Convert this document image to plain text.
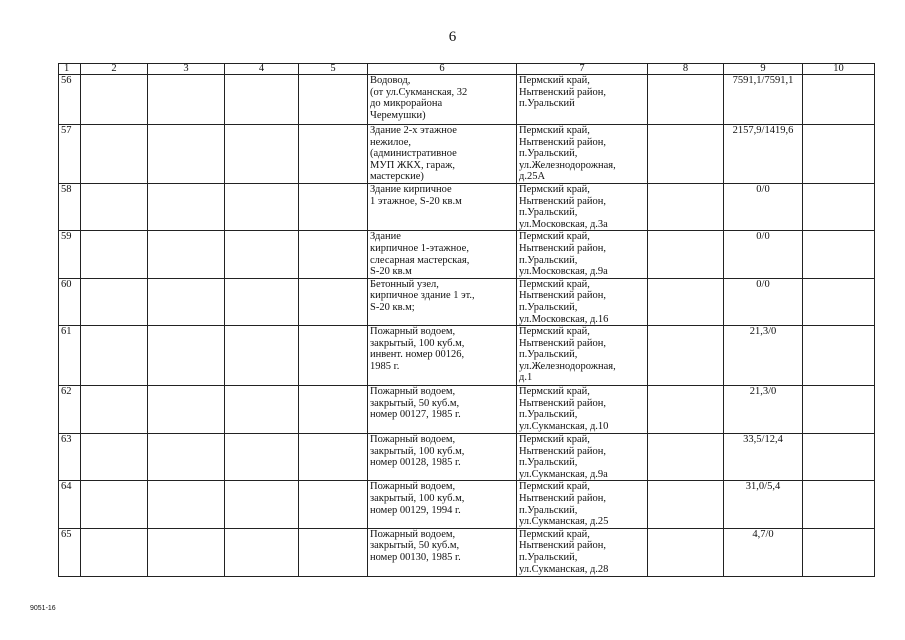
6
1	2	3	4	5	6	7	8	9	10
56					Водовод,
(от ул.Сукманская, 32
до микрорайона
Черемушки)	Пермский край,
Нытвенский район,
п.Уральский		7591,1/7591,1	
57					Здание 2-х этажное
нежилое,
(административное
МУП ЖКХ, гараж,
мастерские)	Пермский край,
Нытвенский район,
п.Уральский,
ул.Железнодорожная,
д.25А		2157,9/1419,6	
58					Здание кирпичное
1 этажное, S-20 кв.м	Пермский край,
Нытвенский район,
п.Уральский,
ул.Московская, д.3а		0/0	
59					Здание
кирпичное 1-этажное,
слесарная мастерская,
S-20 кв.м	Пермский край,
Нытвенский район,
п.Уральский,
ул.Московская, д.9а		0/0	
60					Бетонный узел,
кирпичное здание 1 эт.,
S-20 кв.м;	Пермский край,
Нытвенский район,
п.Уральский,
ул.Московская, д.16		0/0	
61					Пожарный водоем,
закрытый, 100 куб.м,
инвент. номер 00126,
1985 г.	Пермский край,
Нытвенский район,
п.Уральский,
ул.Железнодорожная,
д.1		21,3/0	
62					Пожарный водоем,
закрытый, 50 куб.м,
номер 00127, 1985 г.	Пермский край,
Нытвенский район,
п.Уральский,
ул.Сукманская, д.10		21,3/0	
63					Пожарный водоем,
закрытый, 100 куб.м,
номер 00128, 1985 г.	Пермский край,
Нытвенский район,
п.Уральский,
ул.Сукманская, д.9а		33,5/12,4	
64					Пожарный водоем,
закрытый, 100 куб.м,
номер 00129, 1994 г.	Пермский край,
Нытвенский район,
п.Уральский,
ул.Сукманская, д.25		31,0/5,4	
65					Пожарный водоем,
закрытый, 50 куб.м,
номер 00130, 1985 г.	Пермский край,
Нытвенский район,
п.Уральский,
ул.Сукманская, д.28		4,7/0	
9051-16
